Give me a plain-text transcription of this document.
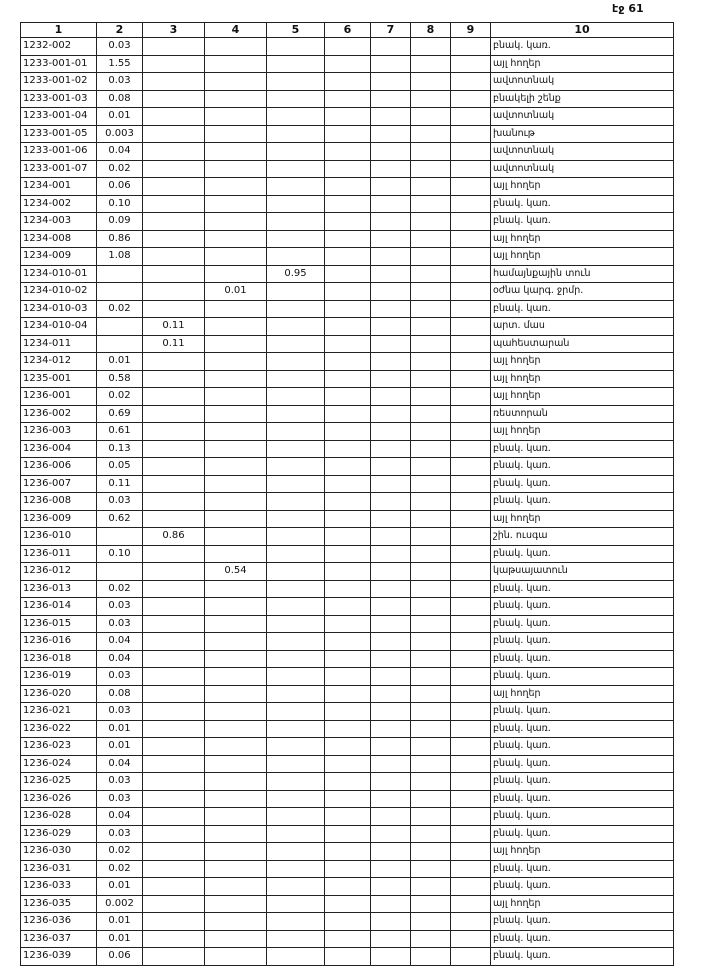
էջ 61
1	2	3	4	5	6	7	8	9	10
1232-002	0.03								բնակ. կառ.
1233-001-01	1.55								այլ հողեր
1233-001-02	0.03								ավտոտնակ
1233-001-03	0.08								բնակելի շենք
1233-001-04	0.01								ավտոտնակ
1233-001-05	0.003								խանութ
1233-001-06	0.04								ավտոտնակ
1233-001-07	0.02								ավտոտնակ
1234-001	0.06								այլ հողեր
1234-002	0.10								բնակ. կառ.
1234-003	0.09								բնակ. կառ.
1234-008	0.86								այլ հողեր
1234-009	1.08								այլ հողեր
1234-010-01				0.95					համայնքային տուն
1234-010-02			0.01						օժնա կարգ. ջրմր.
1234-010-03	0.02								բնակ. կառ.
1234-010-04		0.11							արտ. մաս
1234-011		0.11							պահեստարան
1234-012	0.01								այլ հողեր
1235-001	0.58								այլ հողեր
1236-001	0.02								այլ հողեր
1236-002	0.69								ռեստորան
1236-003	0.61								այլ հողեր
1236-004	0.13								բնակ. կառ.
1236-006	0.05								բնակ. կառ.
1236-007	0.11								բնակ. կառ.
1236-008	0.03								բնակ. կառ.
1236-009	0.62								այլ հողեր
1236-010		0.86							շին. ուսգա
1236-011	0.10								բնակ. կառ.
1236-012			0.54						կաթսայատուն
1236-013	0.02								բնակ. կառ.
1236-014	0.03								բնակ. կառ.
1236-015	0.03								բնակ. կառ.
1236-016	0.04								բնակ. կառ.
1236-018	0.04								բնակ. կառ.
1236-019	0.03								բնակ. կառ.
1236-020	0.08								այլ հողեր
1236-021	0.03								բնակ. կառ.
1236-022	0.01								բնակ. կառ.
1236-023	0.01								բնակ. կառ.
1236-024	0.04								բնակ. կառ.
1236-025	0.03								բնակ. կառ.
1236-026	0.03								բնակ. կառ.
1236-028	0.04								բնակ. կառ.
1236-029	0.03								բնակ. կառ.
1236-030	0.02								այլ հողեր
1236-031	0.02								բնակ. կառ.
1236-033	0.01								բնակ. կառ.
1236-035	0.002								այլ հողեր
1236-036	0.01								բնակ. կառ.
1236-037	0.01								բնակ. կառ.
1236-039	0.06								բնակ. կառ.
